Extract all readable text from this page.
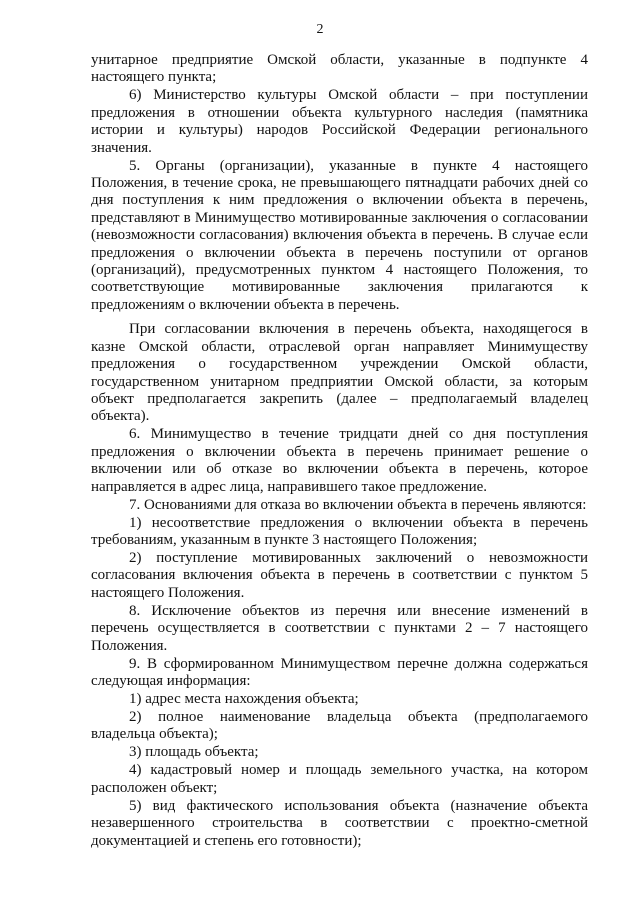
2

унитарное предприятие Омской области, указанные в подпункте 4 настоящего пункта;

6) Министерство культуры Омской области – при поступлении предложения в отношении объекта культурного наследия (памятника истории и культуры) народов Российской Федерации регионального значения.

5. Органы (организации), указанные в пункте 4 настоящего Положения, в течение срока, не превышающего пятнадцати рабочих дней со дня поступления к ним предложения о включении объекта в перечень, представляют в Минимущество мотивированные заключения о согласовании (невозможности согласования) включения объекта в перечень. В случае если предложения о включении объекта в перечень поступили от органов (организаций), предусмотренных пунктом 4 настоящего Положения, то соответствующие мотивированные заключения прилагаются к предложениям о включении объекта в перечень.

При согласовании включения в перечень объекта, находящегося в казне Омской области, отраслевой орган направляет Минимуществу предложения о государственном учреждении Омской области, государственном унитарном предприятии Омской области, за которым объект предполагается закрепить (далее – предполагаемый владелец объекта).

6. Минимущество в течение тридцати дней со дня поступления предложения о включении объекта в перечень принимает решение о включении или об отказе во включении объекта в перечень, которое направляется в адрес лица, направившего такое предложение.

7. Основаниями для отказа во включении объекта в перечень являются:

1) несоответствие предложения о включении объекта в перечень требованиям, указанным в пункте 3 настоящего Положения;

2) поступление мотивированных заключений о невозможности согласования включения объекта в перечень в соответствии с пунктом 5 настоящего Положения.

8. Исключение объектов из перечня или внесение изменений в перечень осуществляется в соответствии с пунктами 2 – 7 настоящего Положения.

9. В сформированном Минимуществом перечне должна содержаться следующая информация:

1) адрес места нахождения объекта;

2) полное наименование владельца объекта (предполагаемого владельца объекта);

3) площадь объекта;

4) кадастровый номер и площадь земельного участка, на котором расположен объект;

5) вид фактического использования объекта (назначение объекта незавершенного строительства в соответствии с проектно-сметной документацией и степень его готовности);
